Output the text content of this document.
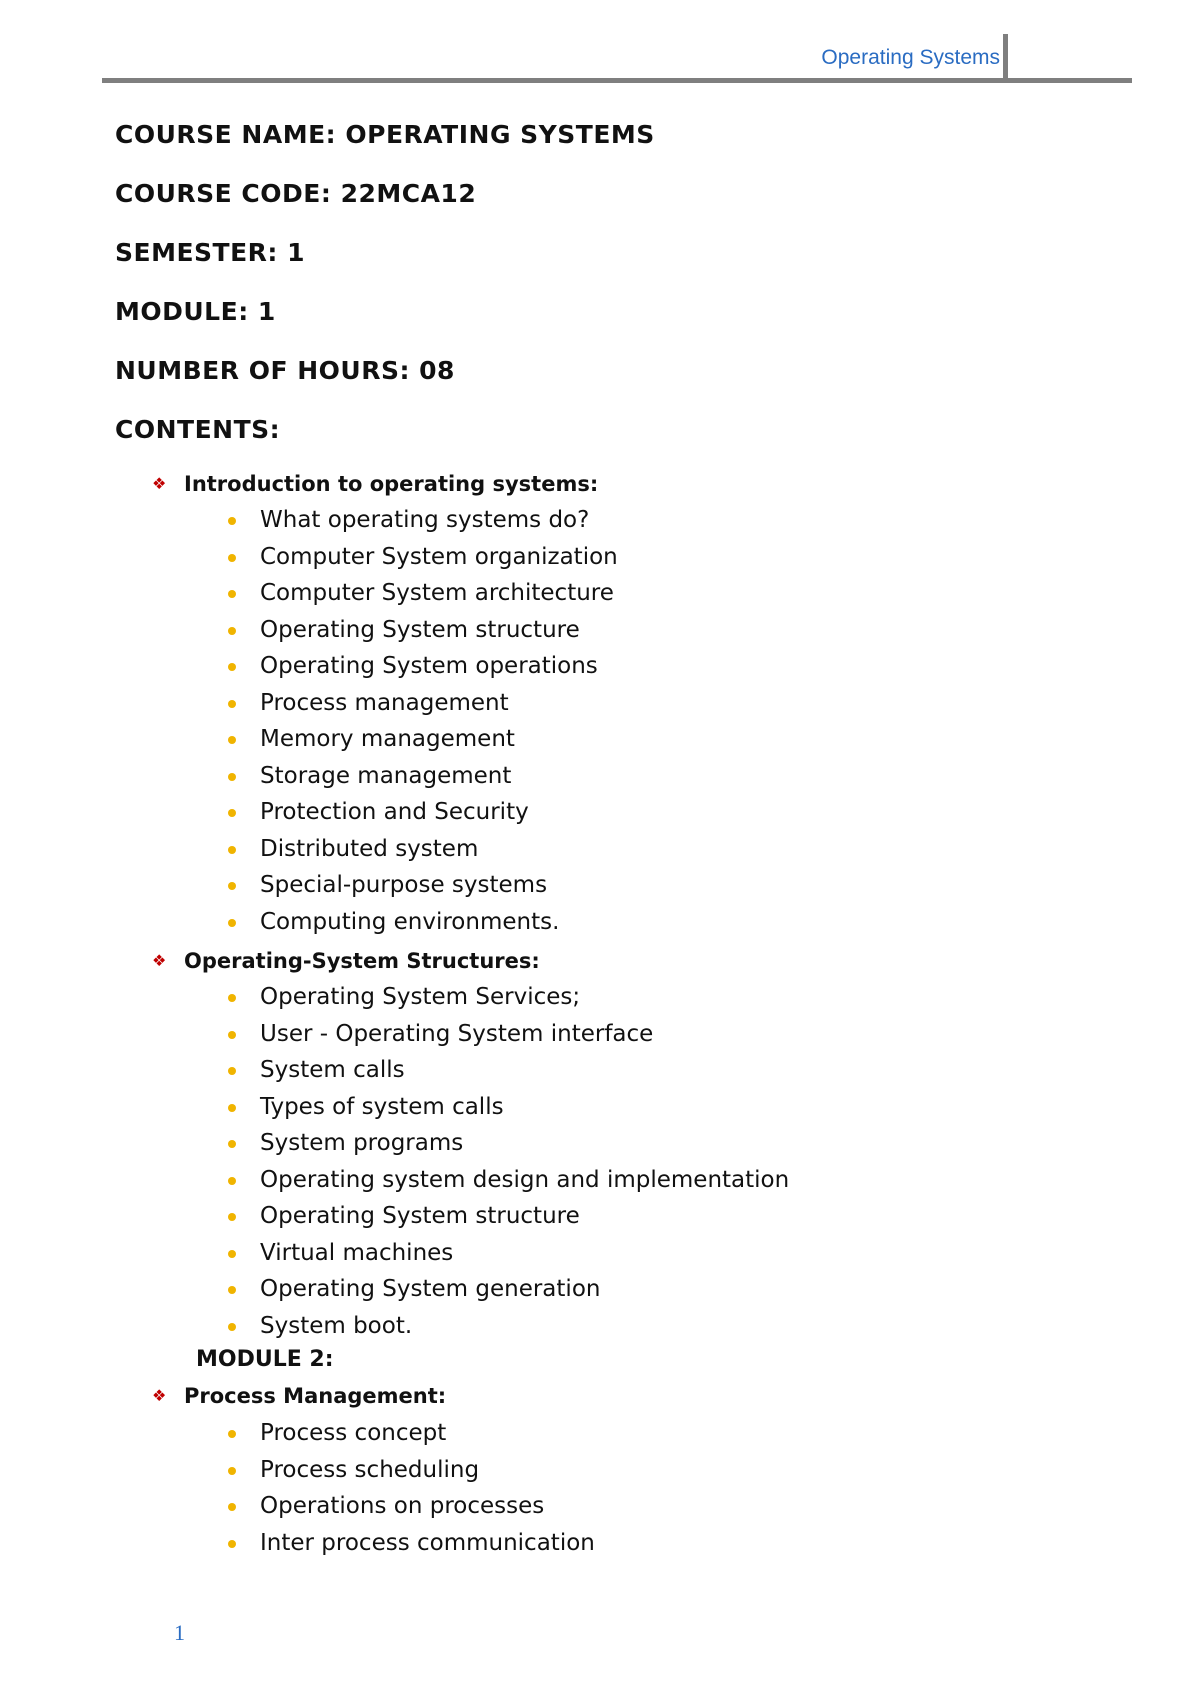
Operating Systems
COURSE NAME: OPERATING SYSTEMS
COURSE CODE: 22MCA12
SEMESTER: 1
MODULE: 1
NUMBER OF HOURS: 08
CONTENTS:
❖ Introduction to operating systems:
What operating systems do?
Computer System organization
Computer System architecture
Operating System structure
Operating System operations
Process management
Memory management
Storage management
Protection and Security
Distributed system
Special-purpose systems
Computing environments.
❖ Operating-System Structures:
Operating System Services;
User - Operating System interface
System calls
Types of system calls
System programs
Operating system design and implementation
Operating System structure
Virtual machines
Operating System generation
System boot.
MODULE 2:
❖ Process Management:
Process concept
Process scheduling
Operations on processes
Inter process communication
1
